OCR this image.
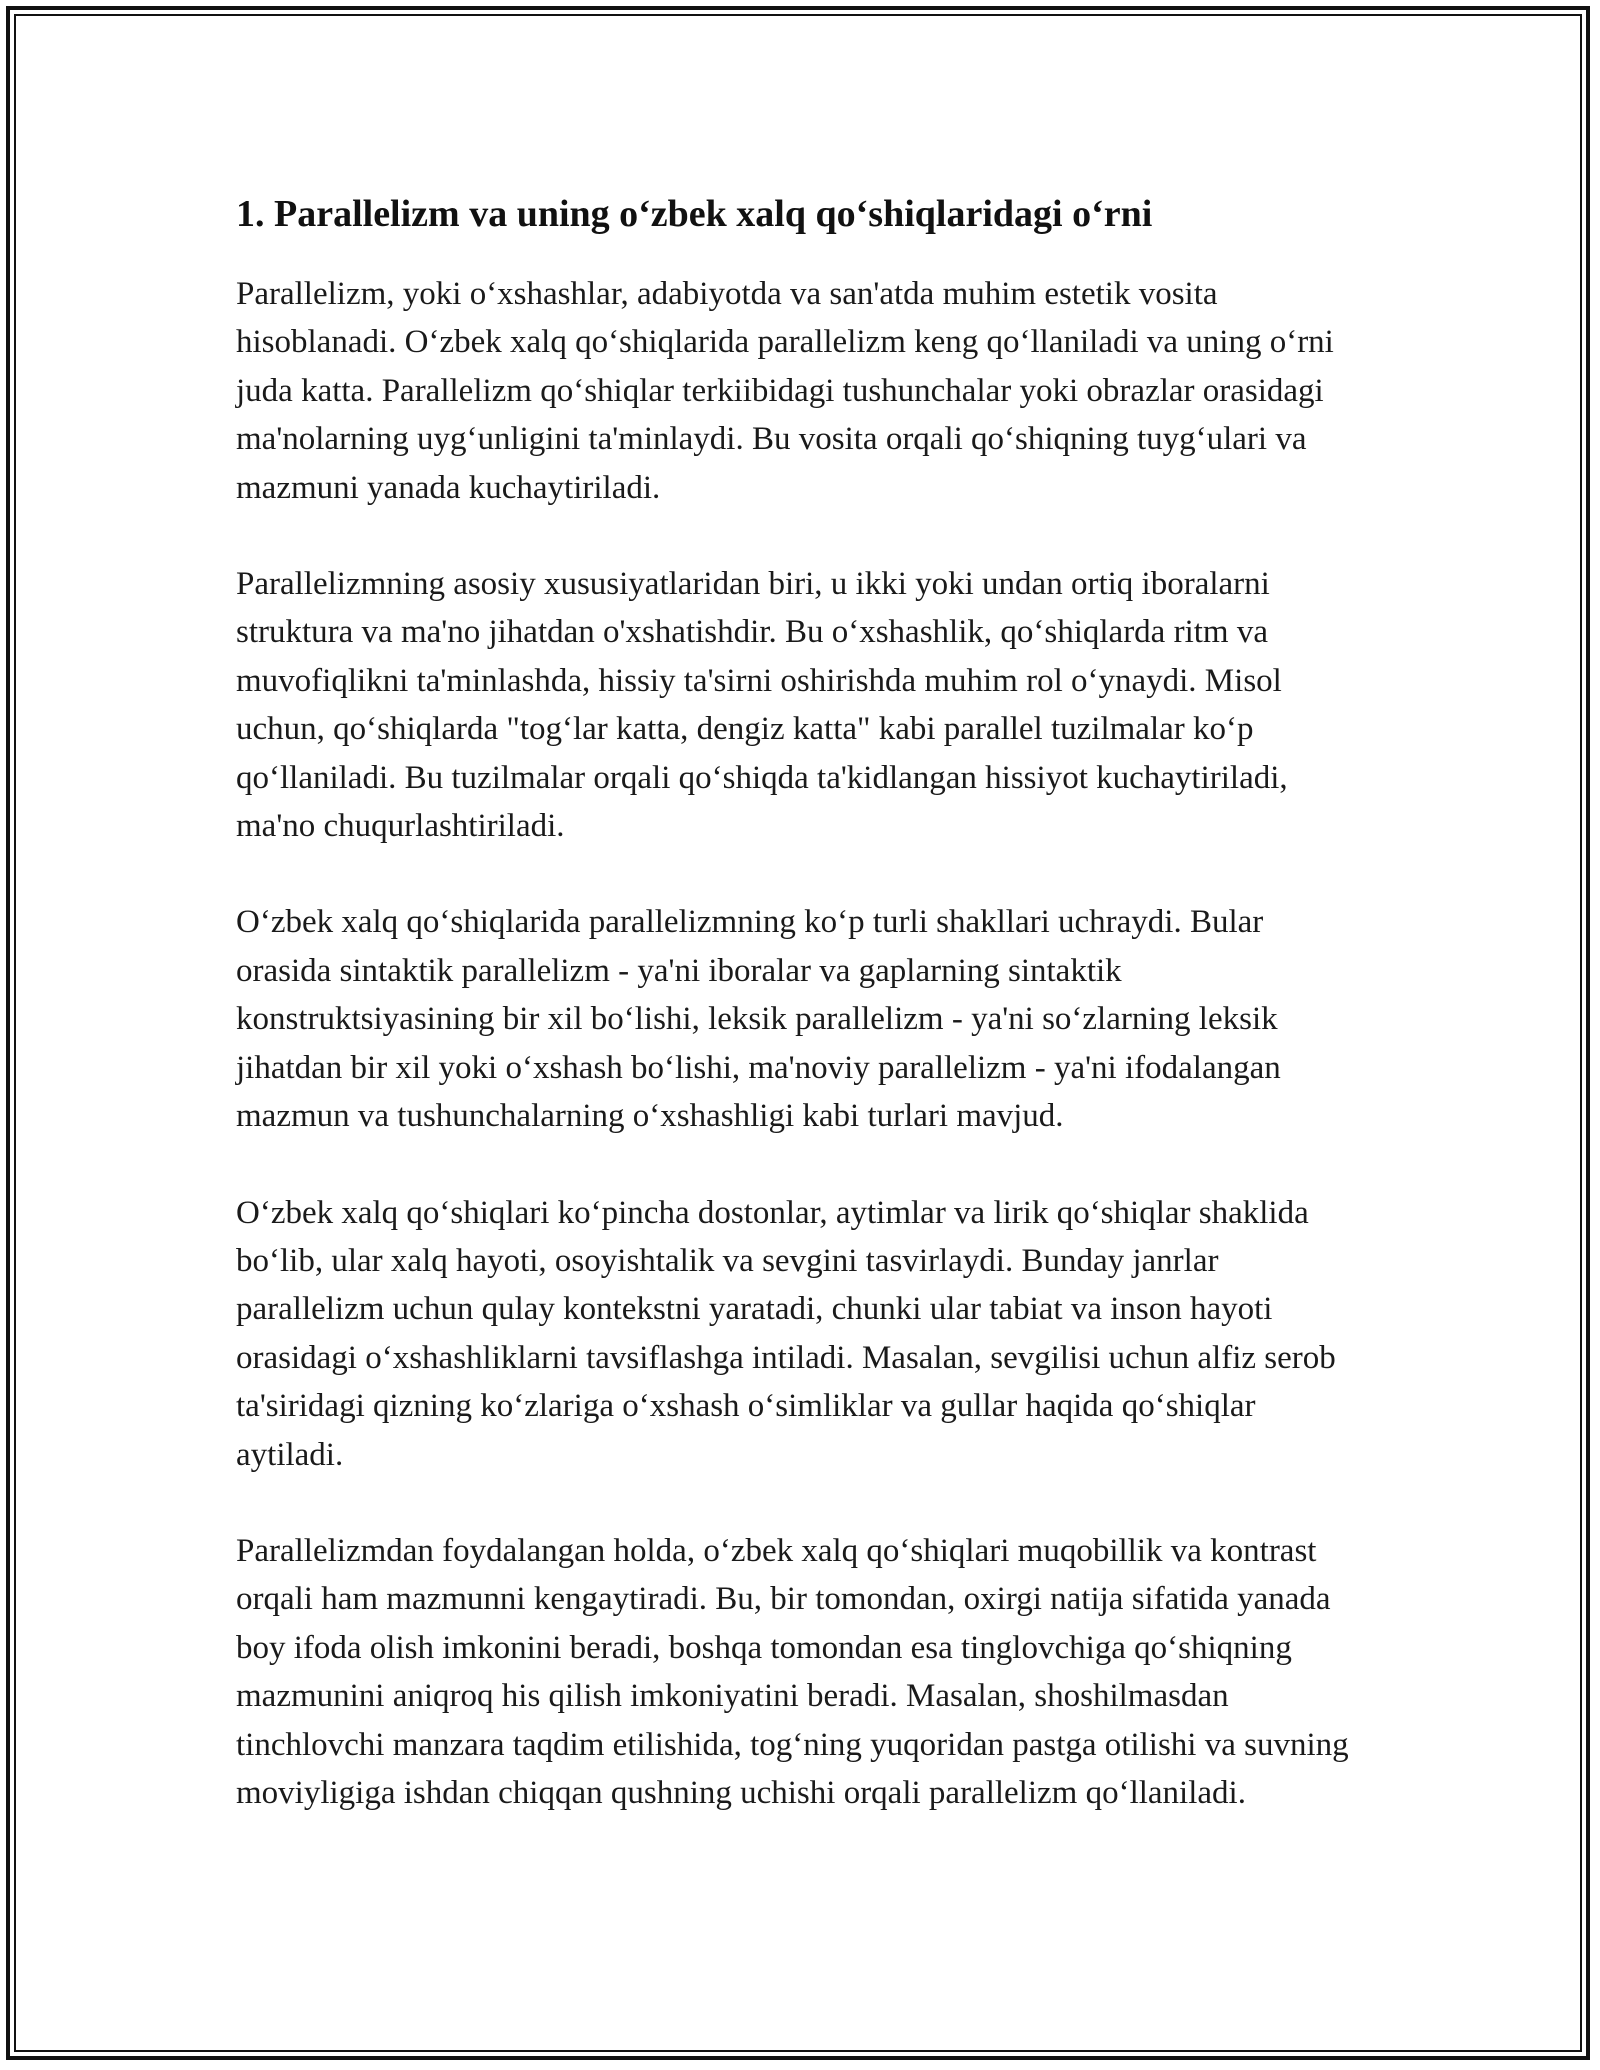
1. Parallelizm va uning o‘zbek xalq qo‘shiqlaridagi o‘rni

Parallelizm, yoki o‘xshashlar, adabiyotda va san'atda muhim estetik vosita hisoblanadi. O‘zbek xalq qo‘shiqlarida parallelizm keng qo‘llaniladi va uning o‘rni juda katta. Parallelizm qo‘shiqlar terkiibidagi tushunchalar yoki obrazlar orasidagi ma'nolarning uyg‘unligini ta'minlaydi. Bu vosita orqali qo‘shiqning tuyg‘ulari va mazmuni yanada kuchaytiriladi.

Parallelizmning asosiy xususiyatlaridan biri, u ikki yoki undan ortiq iboralarni struktura va ma'no jihatdan o'xshatishdir. Bu o‘xshashlik, qo‘shiqlarda ritm va muvofiqlikni ta'minlashda, hissiy ta'sirni oshirishda muhim rol o‘ynaydi. Misol uchun, qo‘shiqlarda "tog‘lar katta, dengiz katta" kabi parallel tuzilmalar ko‘p qo‘llaniladi. Bu tuzilmalar orqali qo‘shiqda ta'kidlangan hissiyot kuchaytiriladi, ma'no chuqurlashtiriladi.

O‘zbek xalq qo‘shiqlarida parallelizmning ko‘p turli shakllari uchraydi. Bular orasida sintaktik parallelizm - ya'ni iboralar va gaplarning sintaktik konstruktsiyasining bir xil bo‘lishi, leksik parallelizm - ya'ni so‘zlarning leksik jihatdan bir xil yoki o‘xshash bo‘lishi, ma'noviy parallelizm - ya'ni ifodalangan mazmun va tushunchalarning o‘xshashligi kabi turlari mavjud.

O‘zbek xalq qo‘shiqlari ko‘pincha dostonlar, aytimlar va lirik qo‘shiqlar shaklida bo‘lib, ular xalq hayoti, osoyishtalik va sevgini tasvirlaydi. Bunday janrlar parallelizm uchun qulay kontekstni yaratadi, chunki ular tabiat va inson hayoti orasidagi o‘xshashliklarni tavsiflashga intiladi. Masalan, sevgilisi uchun alfiz serob ta'siridagi qizning ko‘zlariga o‘xshash o‘simliklar va gullar haqida qo‘shiqlar aytiladi.

Parallelizmdan foydalangan holda, o‘zbek xalq qo‘shiqlari muqobillik va kontrast orqali ham mazmunni kengaytiradi. Bu, bir tomondan, oxirgi natija sifatida yanada boy ifoda olish imkonini beradi, boshqa tomondan esa tinglovchiga qo‘shiqning mazmunini aniqroq his qilish imkoniyatini beradi. Masalan, shoshilmasdan tinchlovchi manzara taqdim etilishida, tog‘ning yuqoridan pastga otilishi va suvning moviyligiga ishdan chiqqan qushning uchishi orqali parallelizm qo‘llaniladi.
